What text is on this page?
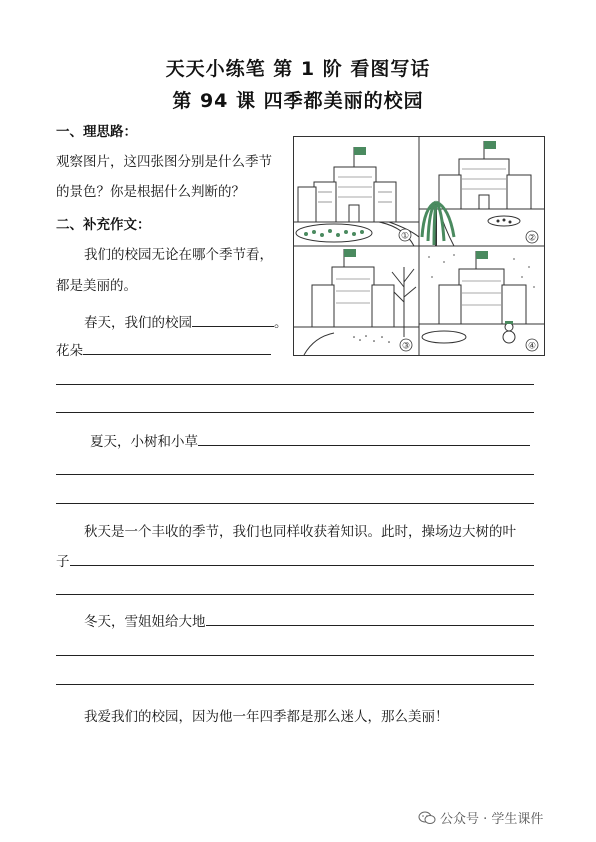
天天小练笔 第 1 阶 看图写话
第 94 课 四季都美丽的校园
一、理思路：
观察图片，这四张图分别是什么季节
的景色？你是根据什么判断的？
二、补充作文：
我们的校园无论在哪个季节看，
都是美丽的。
春天，我们的校园	。
花朵
夏天，小树和小草
秋天是一个丰收的季节，我们也同样收获着知识。此时，操场边大树的叶
子
冬天，雪姐姐给大地
我爱我们的校园，因为他一年四季都是那么迷人，那么美丽！
①	②
④
③
公众号 · 学生课件
